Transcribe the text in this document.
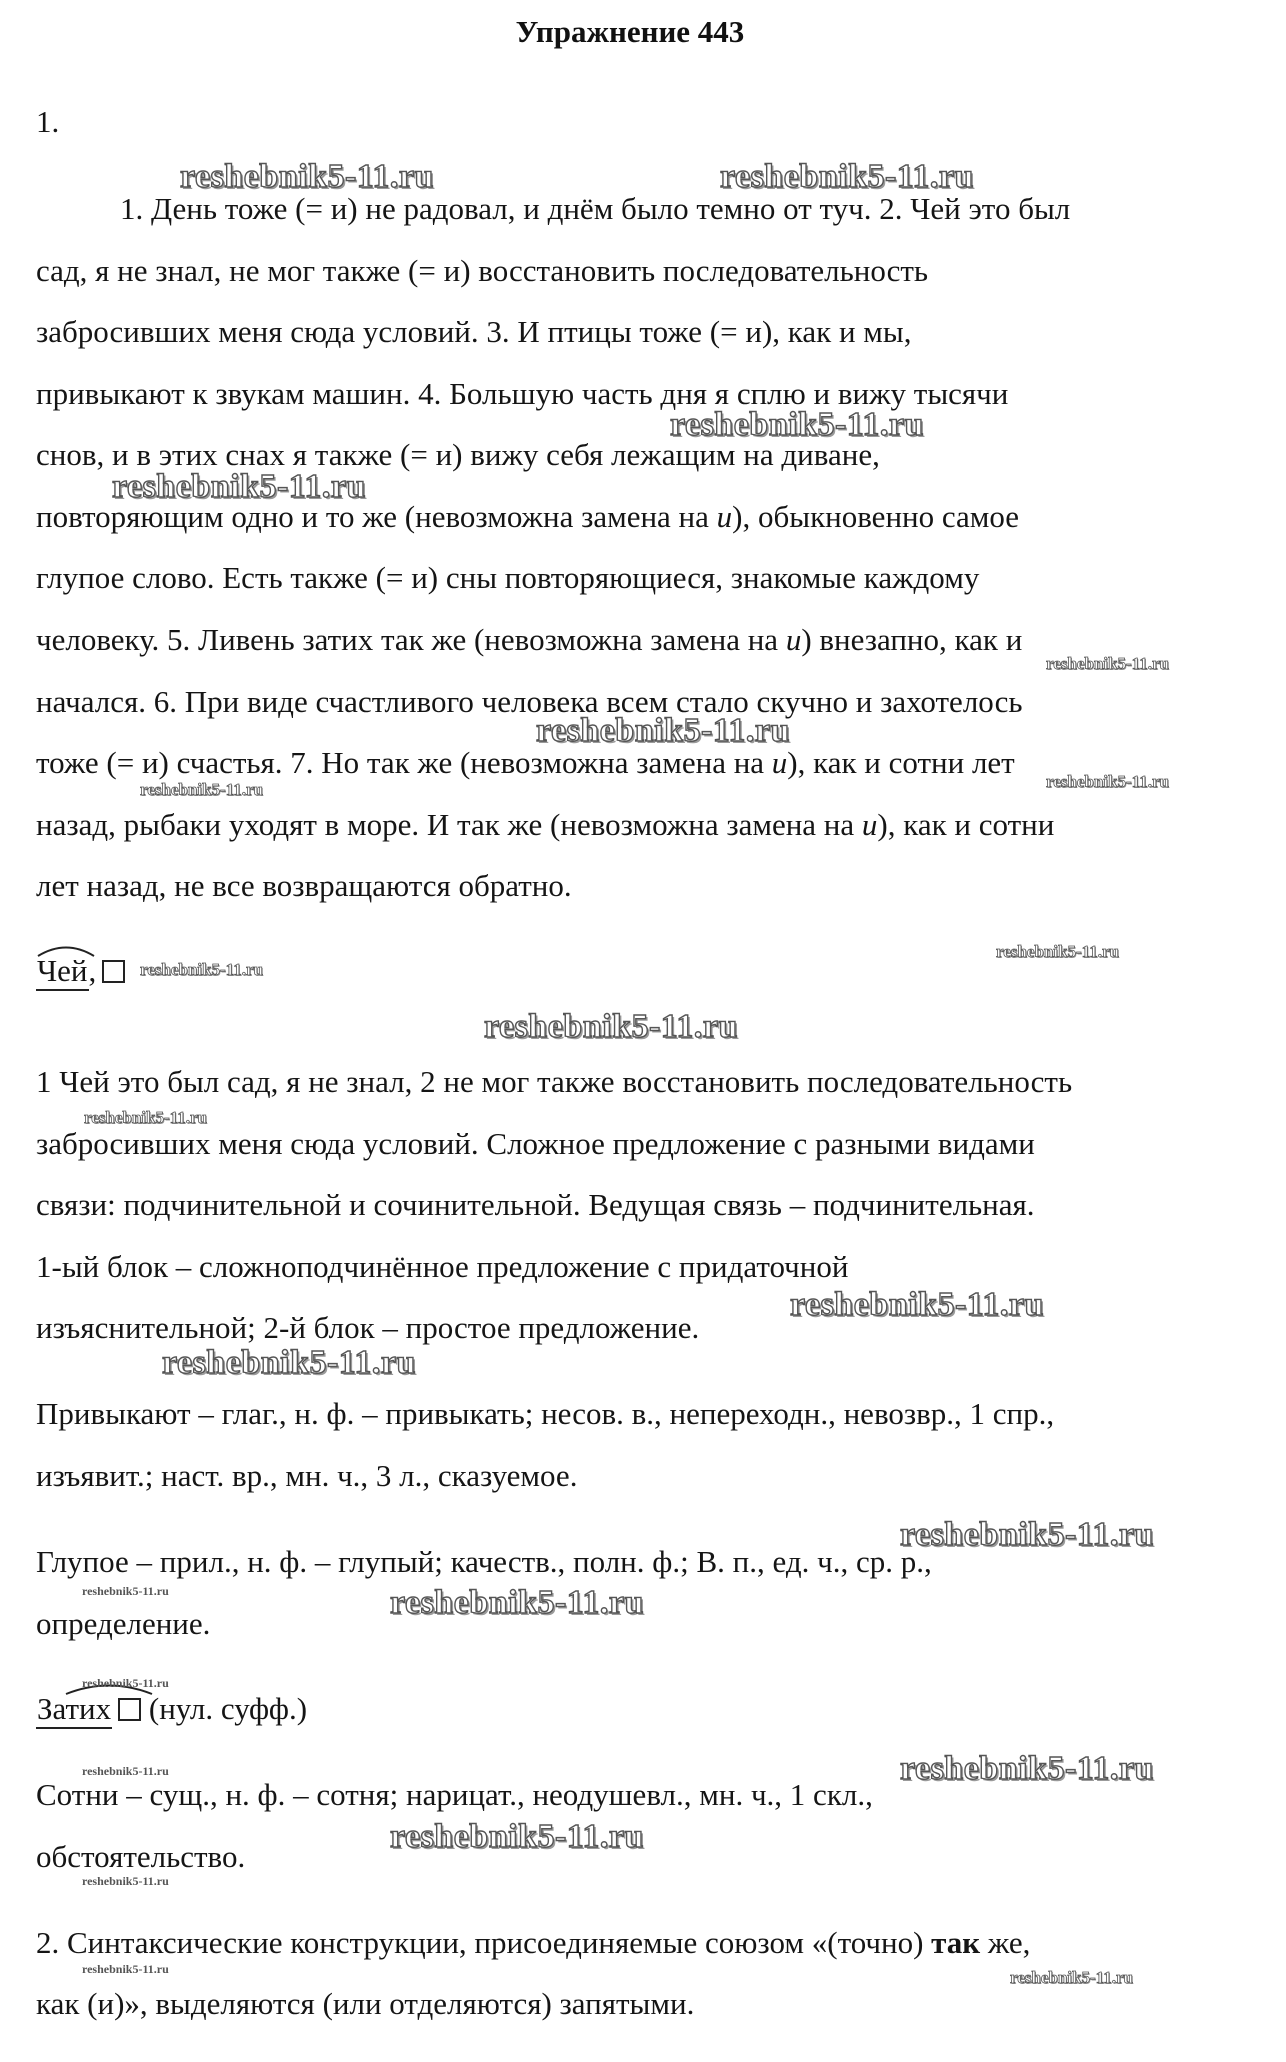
Упражнение 443
1.
1. День тоже (= и) не радовал, и днём было темно от туч. 2. Чей это был
сад, я не знал, не мог также (= и) восстановить последовательность
забросивших меня сюда условий. 3. И птицы тоже (= и), как и мы,
привыкают к звукам машин. 4. Большую часть дня я сплю и вижу тысячи
снов, и в этих снах я также (= и) вижу себя лежащим на диване,
повторяющим одно и то же (невозможна замена на и), обыкновенно самое
глупое слово. Есть также (= и) сны повторяющиеся, знакомые каждому
человеку. 5. Ливень затих так же (невозможна замена на и) внезапно, как и
начался. 6. При виде счастливого человека всем стало скучно и захотелось
тоже (= и) счастья. 7. Но так же (невозможна замена на и), как и сотни лет
назад, рыбаки уходят в море. И так же (невозможна замена на и), как и сотни
лет назад, не все возвращаются обратно.
Чей,
1 Чей это был сад, я не знал, 2 не мог также восстановить последовательность
забросивших меня сюда условий. Сложное предложение с разными видами
связи: подчинительной и сочинительной. Ведущая связь – подчинительная.
1-ый блок – сложноподчинённое предложение с придаточной
изъяснительной; 2-й блок – простое предложение.
Привыкают – глаг., н. ф. – привыкать; несов. в., непереходн., невозвр., 1 спр.,
изъявит.; наст. вр., мн. ч., 3 л., сказуемое.
Глупое – прил., н. ф. – глупый; качеств., полн. ф.; В. п., ед. ч., ср. р.,
определение.
Затих (нул. суфф.)
Сотни – сущ., н. ф. – сотня; нарицат., неодушевл., мн. ч., 1 скл.,
обстоятельство.
2. Синтаксические конструкции, присоединяемые союзом «(точно) так же,
как (и)», выделяются (или отделяются) запятыми.
reshebnik5-11.ru	reshebnik5-11.ru
reshebnik5-11.ru
reshebnik5-11.ru
reshebnik5-11.ru
reshebnik5-11.ru
reshebnik5-11.ru	reshebnik5-11.ru
reshebnik5-11.ru
reshebnik5-11.ru
reshebnik5-11.ru
reshebnik5-11.ru
reshebnik5-11.ru
reshebnik5-11.ru
reshebnik5-11.ru
reshebnik5-11.ru	reshebnik5-11.ru
reshebnik5-11.ru
reshebnik5-11.ru	reshebnik5-11.ru
reshebnik5-11.ru
reshebnik5-11.ru
reshebnik5-11.ru	reshebnik5-11.ru
